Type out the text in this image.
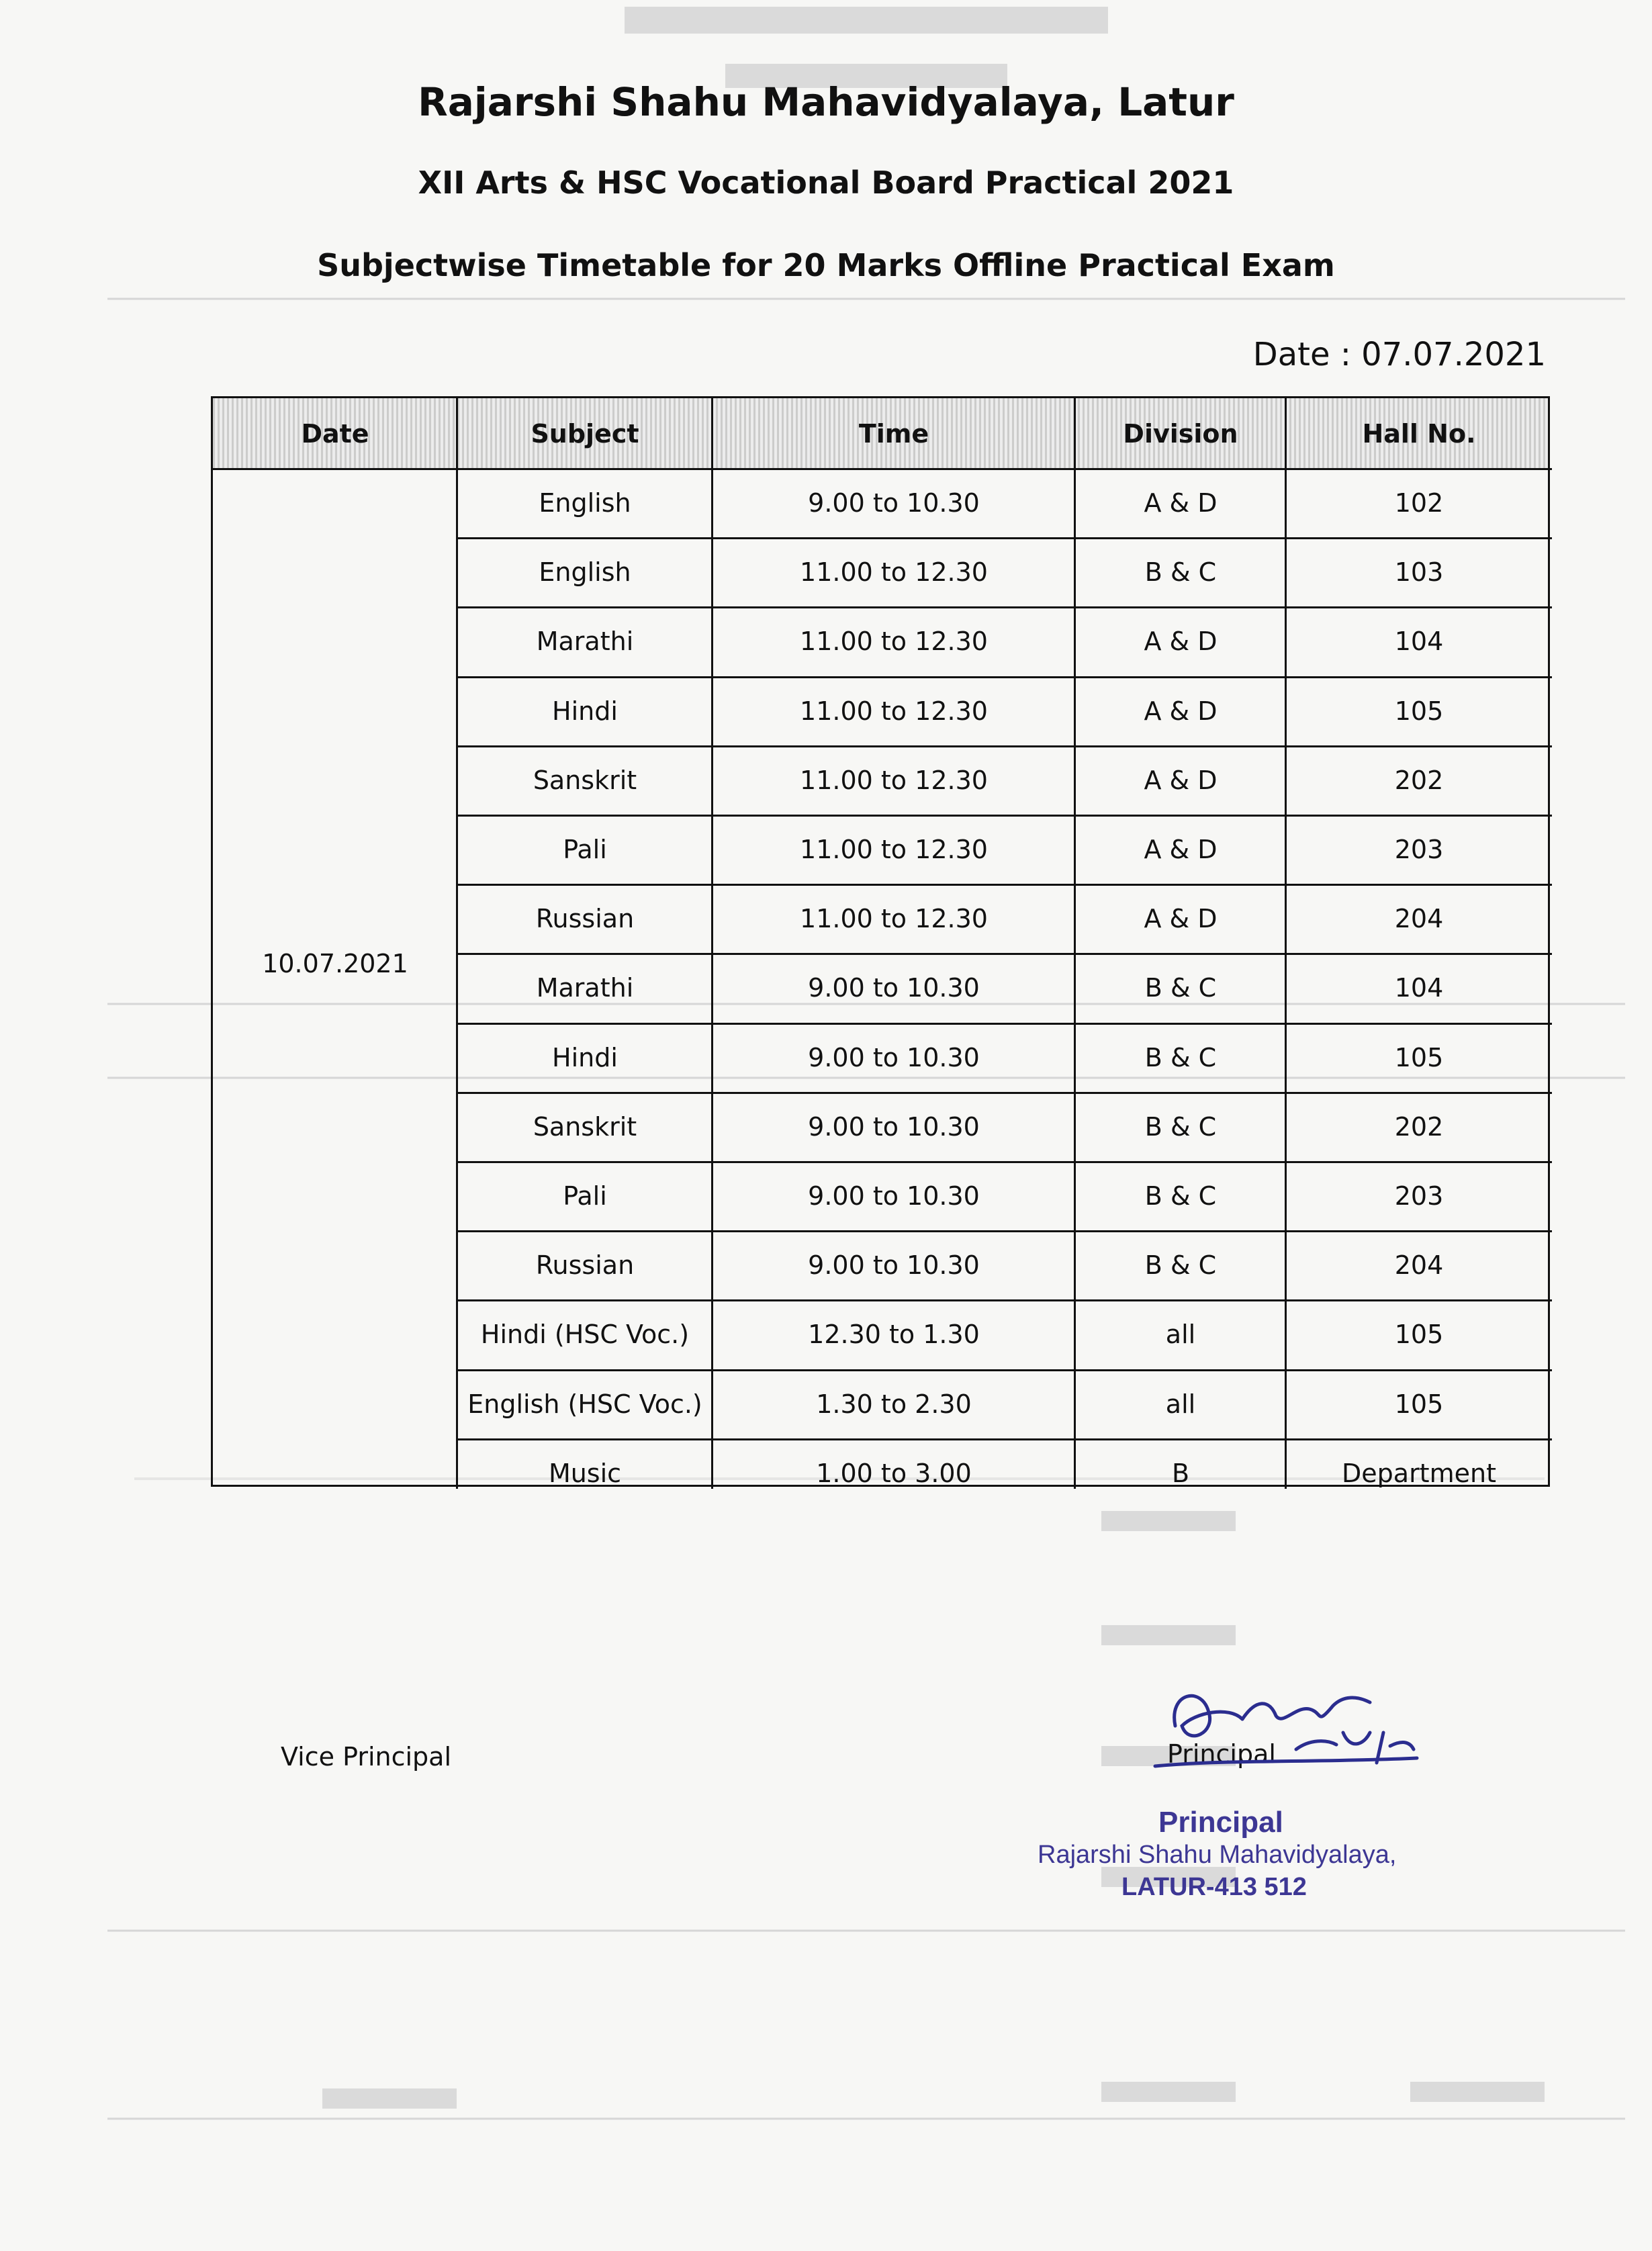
Rajarshi Shahu Mahavidyalaya, Latur
XII Arts & HSC Vocational Board Practical 2021
Subjectwise Timetable for 20 Marks Offline Practical Exam
Date : 07.07.2021
Date	Subject	Time	Division	Hall No.
10.07.2021
English	9.00 to 10.30	A & D	102
English	11.00 to 12.30	B & C	103
Marathi	11.00 to 12.30	A & D	104
Hindi	11.00 to 12.30	A & D	105
Sanskrit	11.00 to 12.30	A & D	202
Pali	11.00 to 12.30	A & D	203
Russian	11.00 to 12.30	A & D	204
Marathi	9.00 to 10.30	B & C	104
Hindi	9.00 to 10.30	B & C	105
Sanskrit	9.00 to 10.30	B & C	202
Pali	9.00 to 10.30	B & C	203
Russian	9.00 to 10.30	B & C	204
Hindi (HSC Voc.)	12.30 to 1.30	all	105
English (HSC Voc.)	1.30 to 2.30	all	105
Music	1.00 to 3.00	B	Department
Vice Principal	Principal
Principal
Rajarshi Shahu Mahavidyalaya,
LATUR-413 512
